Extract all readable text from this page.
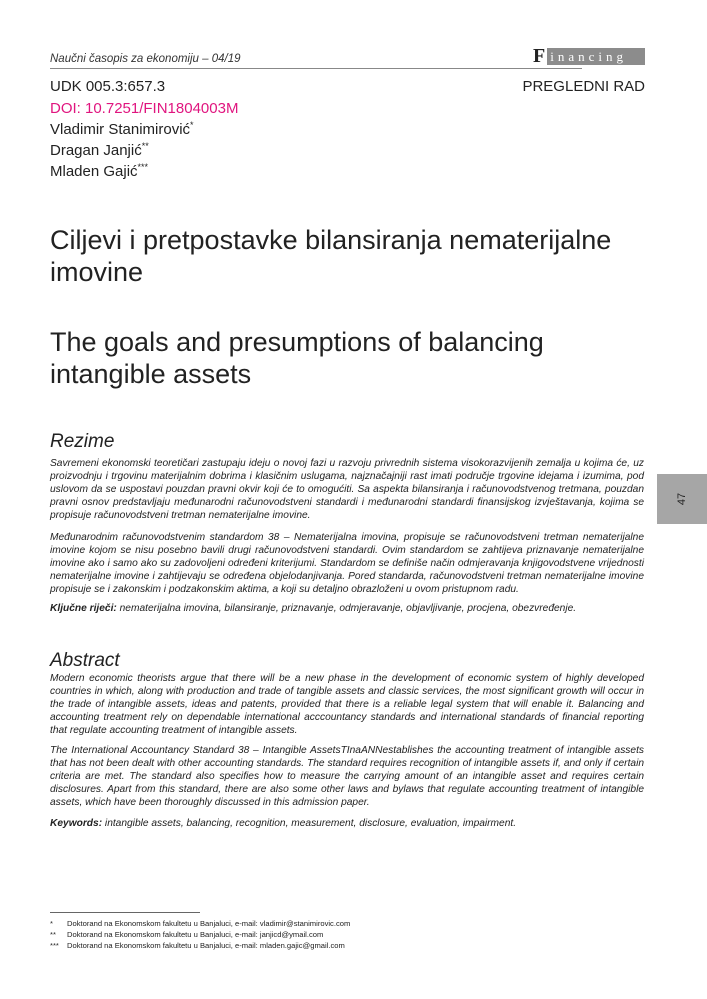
Naučni časopis za ekonomiju – 04/19	F inancing
UDK 005.3:657.3	PREGLEDNI RAD
DOI: 10.7251/FIN1804003M
Vladimir Stanimirović*
Dragan Janjić**
Mladen Gajić***
Ciljevi i pretpostavke bilansiranja nematerijalne imovine
The goals and presumptions of balancing intangible assets
Rezime

Savremeni ekonomski teoretičari zastupaju ideju o novoj fazi u razvoju privrednih sistema visokorazvijenih zemalja u kojima će, uz proizvodnju i trgovinu materijalnim dobrima i klasičnim uslugama, najznačajniji rast imati područje trgovine idejama i izumima, pod uslovom da se uspostavi pouzdan pravni okvir koji će to omogućiti. Sa aspekta bilansiranja i računovodstvenog tretmana, pouzdan pravni osnov predstavljaju međunarodni računovodstveni standardi i međunarodni standardi finansijskog izvještavanja, kojima se propisuje računovodstveni tretman nematerijalne imovine.

Međunarodnim računovodstvenim standardom 38 – Nematerijalna imovina, propisuje se računovodstveni tretman nematerijalne imovine kojom se nisu posebno bavili drugi računovodstveni standardi. Ovim standardom se zahtijeva priznavanje nematerijalne imovine ako i samo ako su zadovoljeni određeni kriterijumi. Standardom se definiše način odmjeravanja knjigovodstvene vrijednosti nematerijalne imovine i zahtijevaju se određena objelodanjivanja. Pored standarda, računovodstveni tretman nematerijalne imovine propisuje se i zakonskim i podzakonskim aktima, a koji su detaljno obrazloženi u ovom pristupnom radu.

Ključne riječi: nematerijalna imovina, bilansiranje, priznavanje, odmjeravanje, objavljivanje, procjena, obezvređenje.

Abstract

Modern economic theorists argue that there will be a new phase in the development of economic system of highly developed countries in which, along with production and trade of tangible assets and classic services, the most significant growth will occur in the trade of intangible assets, ideas and patents, provided that there is a reliable legal system that will enable it. Balancing and accounting treatment rely on dependable international acccountancy standards and international standards of financial reporting that regulate accounting treatment of intangible assets.

The International Accountancy Standard 38 – Intangible AssetsTInaANNestablishes the accounting treatment of intangible assets that has not been dealt with other accounting standards. The standard requires recognition of intangible assets if, and only if certain criteria are met. The standard also specifies how to measure the carrying amount of an intangible asset and requires certain disclosures. Apart from this standard, there are also some other laws and bylaws that regulate accounting treatment of intangible assets, which have been thoroughly discussed in this admission paper.

Keywords: intangible assets, balancing, recognition, measurement, disclosure, evaluation, impairment.

47
*	Doktorand na Ekonomskom fakultetu u Banjaluci, e-mail: vladimir@stanimirovic.com
**	Doktorand na Ekonomskom fakultetu u Banjaluci, e-mail: janjicd@ymail.com
***	Doktorand na Ekonomskom fakultetu u Banjaluci, e-mail: mladen.gajic@gmail.com
